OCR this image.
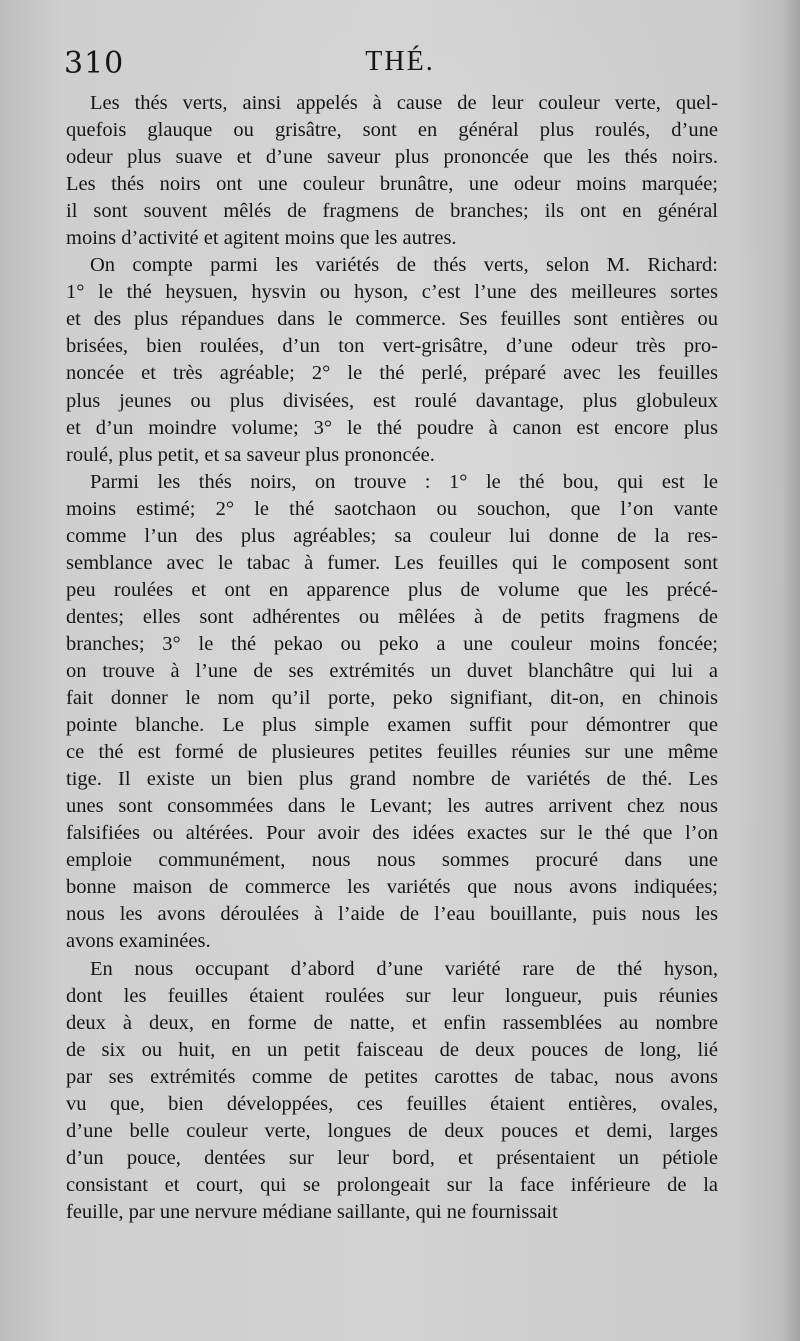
310	THÉ.
Les thés verts, ainsi appelés à cause de leur couleur verte, quel-
quefois glauque ou grisâtre, sont en général plus roulés, d’une
odeur plus suave et d’une saveur plus prononcée que les thés noirs.
Les thés noirs ont une couleur brunâtre, une odeur moins marquée;
il sont souvent mêlés de fragmens de branches; ils ont en général
moins d’activité et agitent moins que les autres.
On compte parmi les variétés de thés verts, selon M. Richard:
1° le thé heysuen, hysvin ou hyson, c’est l’une des meilleures sortes
et des plus répandues dans le commerce. Ses feuilles sont entières ou
brisées, bien roulées, d’un ton vert-grisâtre, d’une odeur très pro-
noncée et très agréable; 2° le thé perlé, préparé avec les feuilles
plus jeunes ou plus divisées, est roulé davantage, plus globuleux
et d’un moindre volume; 3° le thé poudre à canon est encore plus
roulé, plus petit, et sa saveur plus prononcée.
Parmi les thés noirs, on trouve : 1° le thé bou, qui est le
moins estimé; 2° le thé saotchaon ou souchon, que l’on vante
comme l’un des plus agréables; sa couleur lui donne de la res-
semblance avec le tabac à fumer. Les feuilles qui le composent sont
peu roulées et ont en apparence plus de volume que les précé-
dentes; elles sont adhérentes ou mêlées à de petits fragmens de
branches; 3° le thé pekao ou peko a une couleur moins foncée;
on trouve à l’une de ses extrémités un duvet blanchâtre qui lui a
fait donner le nom qu’il porte, peko signifiant, dit-on, en chinois
pointe blanche. Le plus simple examen suffit pour démontrer que
ce thé est formé de plusieures petites feuilles réunies sur une même
tige. Il existe un bien plus grand nombre de variétés de thé. Les
unes sont consommées dans le Levant; les autres arrivent chez nous
falsifiées ou altérées. Pour avoir des idées exactes sur le thé que l’on
emploie communément, nous nous sommes procuré dans une
bonne maison de commerce les variétés que nous avons indiquées;
nous les avons déroulées à l’aide de l’eau bouillante, puis nous les
avons examinées.
En nous occupant d’abord d’une variété rare de thé hyson,
dont les feuilles étaient roulées sur leur longueur, puis réunies
deux à deux, en forme de natte, et enfin rassemblées au nombre
de six ou huit, en un petit faisceau de deux pouces de long, lié
par ses extrémités comme de petites carottes de tabac, nous avons
vu que, bien développées, ces feuilles étaient entières, ovales,
d’une belle couleur verte, longues de deux pouces et demi, larges
d’un pouce, dentées sur leur bord, et présentaient un pétiole
consistant et court, qui se prolongeait sur la face inférieure de la
feuille, par une nervure médiane saillante, qui ne fournissait
